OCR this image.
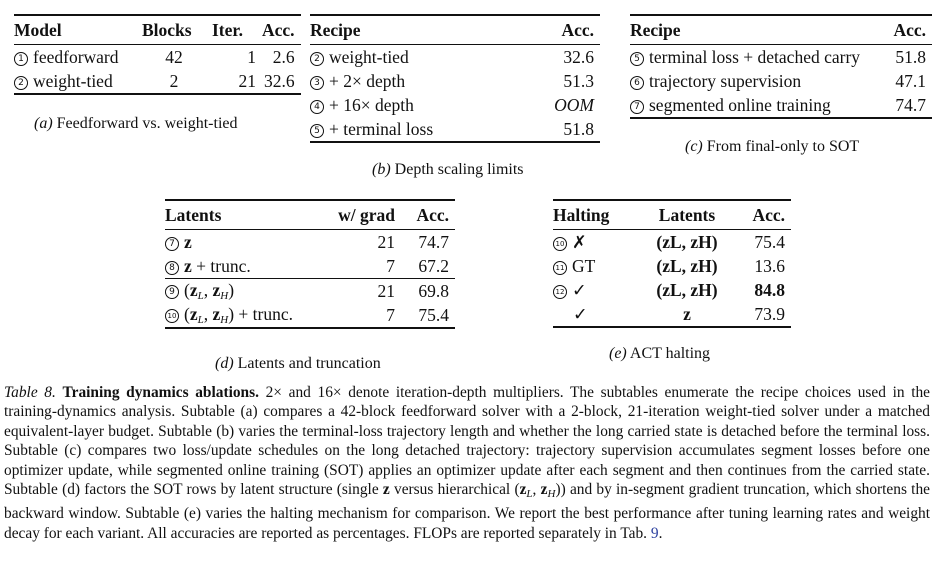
Model	Blocks	Iter.	Acc.
1 feedforward	42	1	2.6
2 weight-tied	2	21	32.6
(a) Feedforward vs. weight-tied
Recipe	Acc.
2 weight-tied	32.6
3 + 2× depth	51.3
4 + 16× depth	OOM
5 + terminal loss	51.8
(b) Depth scaling limits
Recipe	Acc.
5 terminal loss + detached carry	51.8
6 trajectory supervision	47.1
7 segmented online training	74.7
(c) From final-only to SOT
Latents	w/ grad	Acc.
7 z	21	74.7
8 z + trunc.	7	67.2
9 ($z_L$, $z_H$)	21	69.8
10 ($z_L$, $z_H$) + trunc.	7	75.4
(d) Latents and truncation
Halting	Latents	Acc.
10 ✗	(zL, zH)	75.4
11 GT	(zL, zH)	13.6
12 ✓	(zL, zH)	84.8
✓	z	73.9
(e) ACT halting
Table 8. Training dynamics ablations. 2× and 16× denote iteration-depth multipliers. The subtables enumerate the recipe choices used in the training-dynamics analysis. Subtable (a) compares a 42-block feedforward solver with a 2-block, 21-iteration weight-tied solver under a matched equivalent-layer budget. Subtable (b) varies the terminal-loss trajectory length and whether the long carried state is detached before the terminal loss. Subtable (c) compares two loss/update schedules on the long detached trajectory: trajectory supervision accumulates segment losses before one optimizer update, while segmented online training (SOT) applies an optimizer update after each segment and then continues from the carried state. Subtable (d) factors the SOT rows by latent structure (single z versus hierarchical ($z_L$, $z_H$)) and by in-segment gradient truncation, which shortens the backward window. Subtable (e) varies the halting mechanism for comparison. We report the best performance after tuning learning rates and weight decay for each variant. All accuracies are reported as percentages. FLOPs are reported separately in Tab. 9.
